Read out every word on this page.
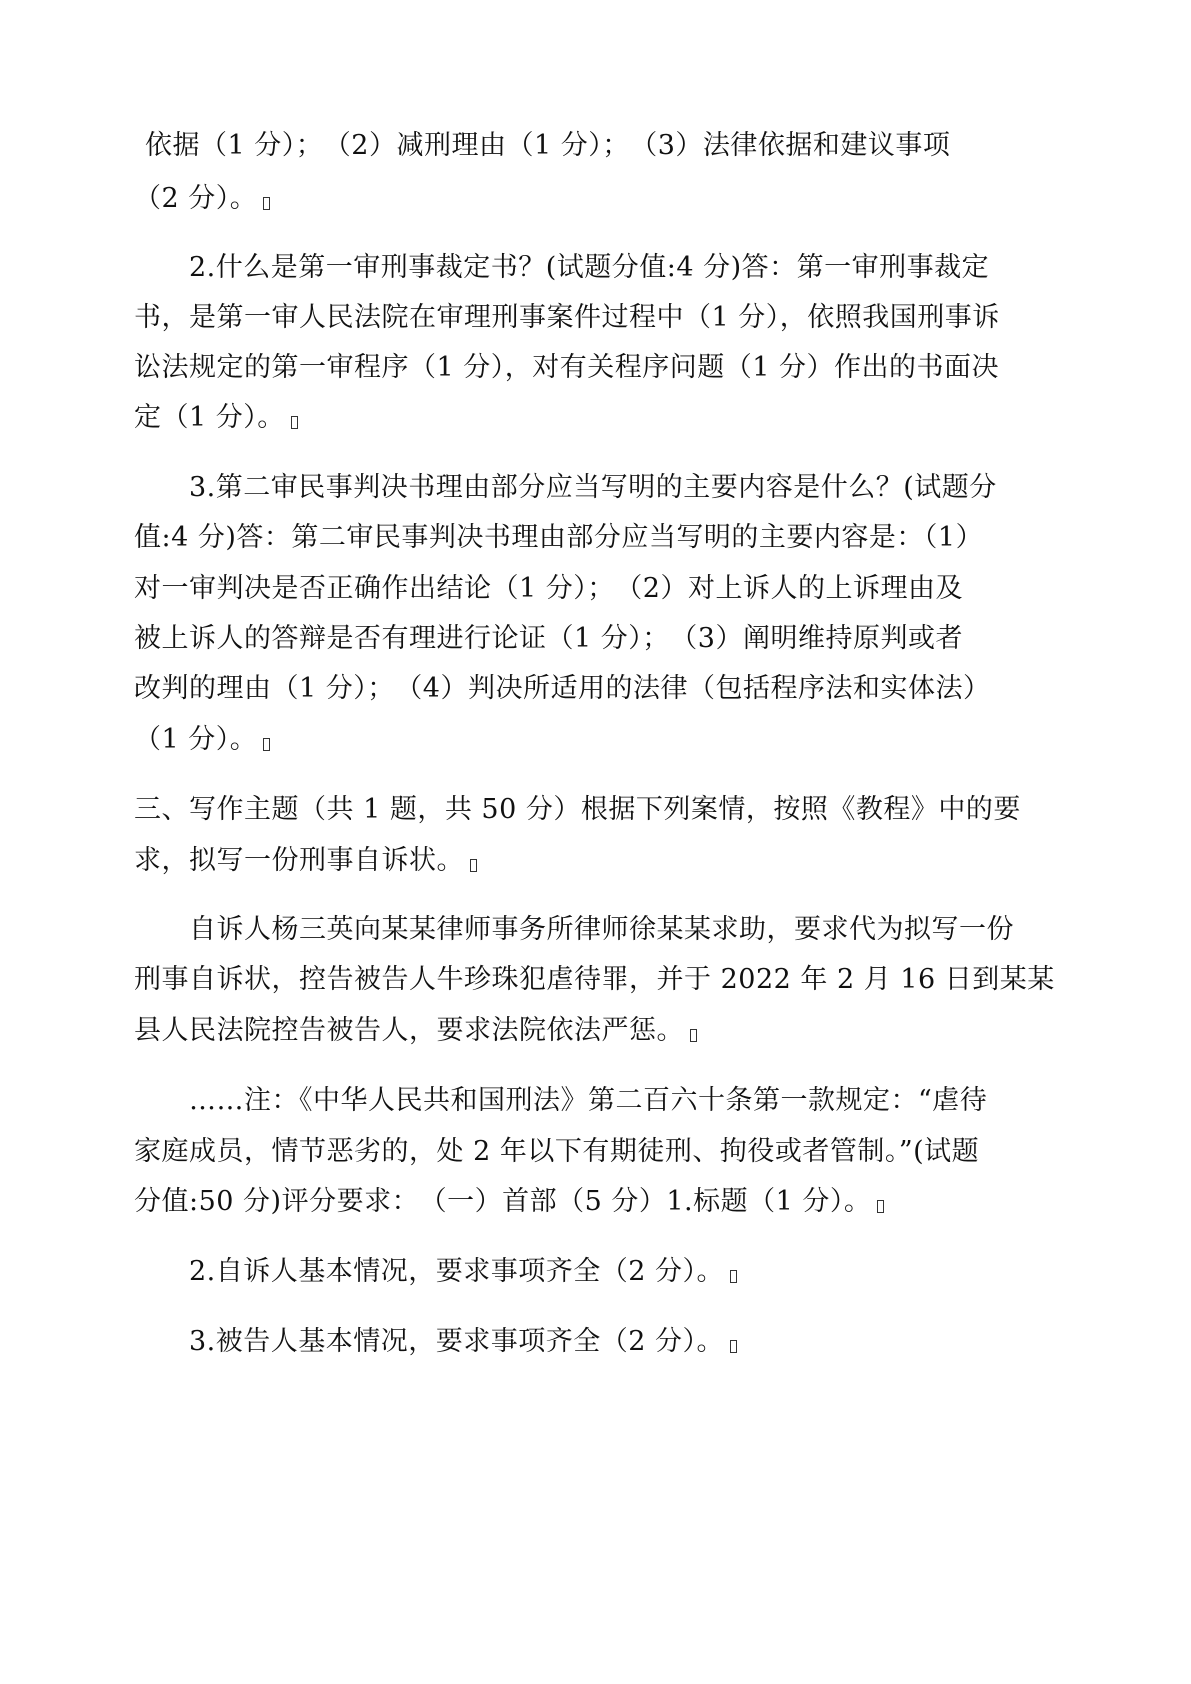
依据（1 分）；　（2）减刑理由（1 分）；　（3）法律依据和建议事项
（2 分）。
　　2.什么是第一审刑事裁定书？(试题分值:4 分)答：第一审刑事裁定
书，是第一审人民法院在审理刑事案件过程中（1 分），依照我国刑事诉
讼法规定的第一审程序（1 分），对有关程序问题（1 分）作出的书面决
定（1 分）。
　　3.第二审民事判决书理由部分应当写明的主要内容是什么？(试题分
值:4 分)答：第二审民事判决书理由部分应当写明的主要内容是：（1）
对一审判决是否正确作出结论（1 分）；　（2）对上诉人的上诉理由及
被上诉人的答辩是否有理进行论证（1 分）；　（3）阐明维持原判或者
改判的理由（1 分）；　（4）判决所适用的法律（包括程序法和实体法）
（1 分）。
三、写作主题（共 1 题，共 50 分）根据下列案情，按照《教程》中的要
求，拟写一份刑事自诉状。
　　自诉人杨三英向某某律师事务所律师徐某某求助，要求代为拟写一份
刑事自诉状，控告被告人牛珍珠犯虐待罪，并于 2022 年 2 月 16 日到某某
县人民法院控告被告人，要求法院依法严惩。
　　……注：《中华人民共和国刑法》第二百六十条第一款规定：“虐待
家庭成员，情节恶劣的，处 2 年以下有期徒刑、拘役或者管制。”(试题
分值:50 分)评分要求：　（一）首部（5 分）1.标题（1 分）。
　　2.自诉人基本情况，要求事项齐全（2 分）。
　　3.被告人基本情况，要求事项齐全（2 分）。
